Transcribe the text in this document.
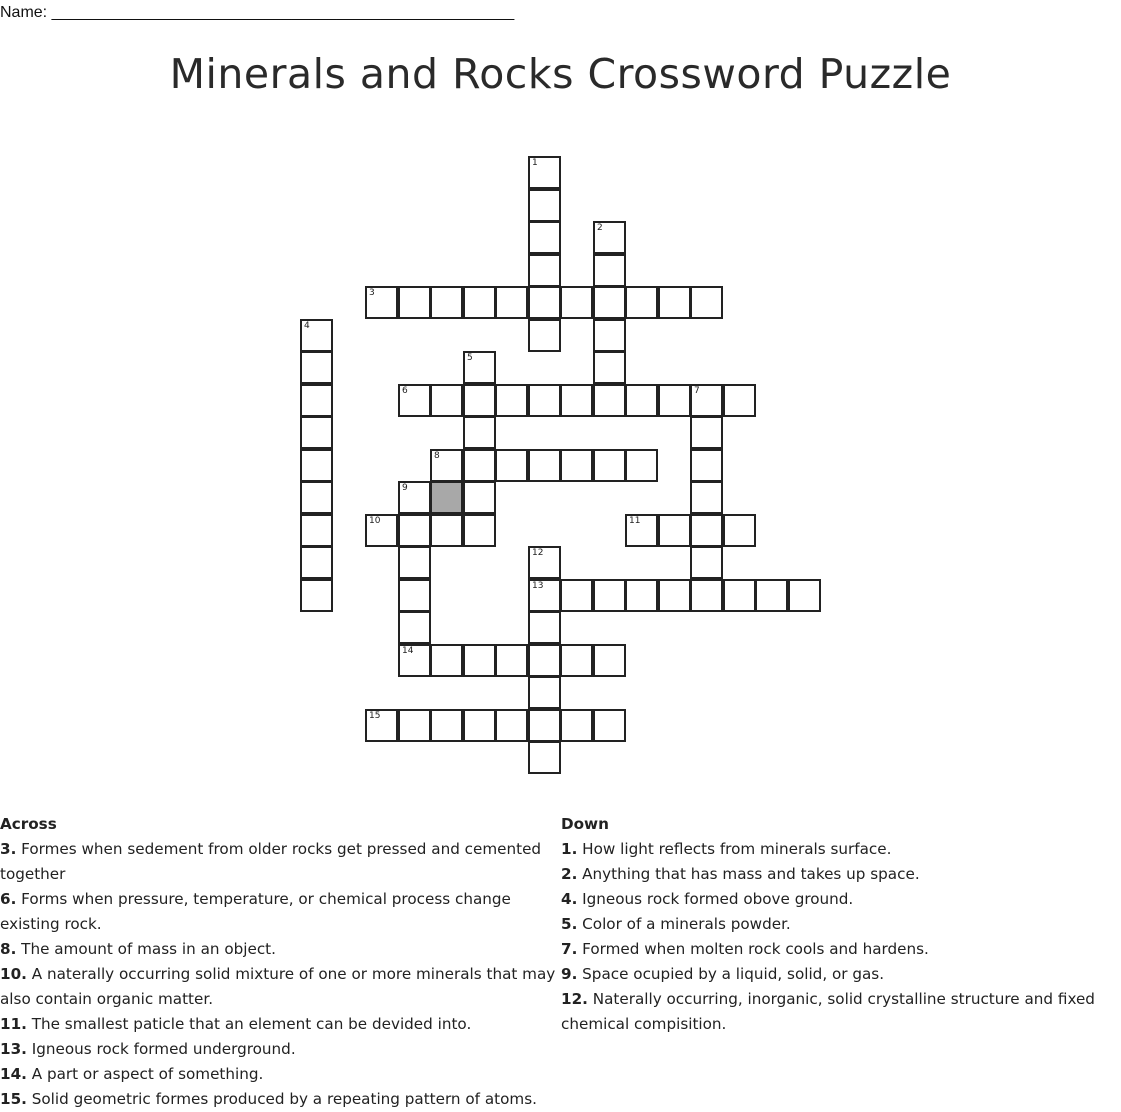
Name: ____________________________________________________
Minerals and Rocks Crossword Puzzle
1
2
3
4
5
6	7
8
9
14
10	11
12
13
15
Across
3. Formes when sedement from older rocks get pressed and cemented together
6. Forms when pressure, temperature, or chemical process change existing rock.
8. The amount of mass in an object.
10. A naterally occurring solid mixture of one or more minerals that may also contain organic matter.
11. The smallest paticle that an element can be devided into.
13. Igneous rock formed underground.
14. A part or aspect of something.
15. Solid geometric formes produced by a repeating pattern of atoms.
Down
1. How light reflects from minerals surface.
2. Anything that has mass and takes up space.
4. Igneous rock formed obove ground.
5. Color of a minerals powder.
7. Formed when molten rock cools and hardens.
9. Space ocupied by a liquid, solid, or gas.
12. Naterally occurring, inorganic, solid crystalline structure and fixed chemical compisition.
